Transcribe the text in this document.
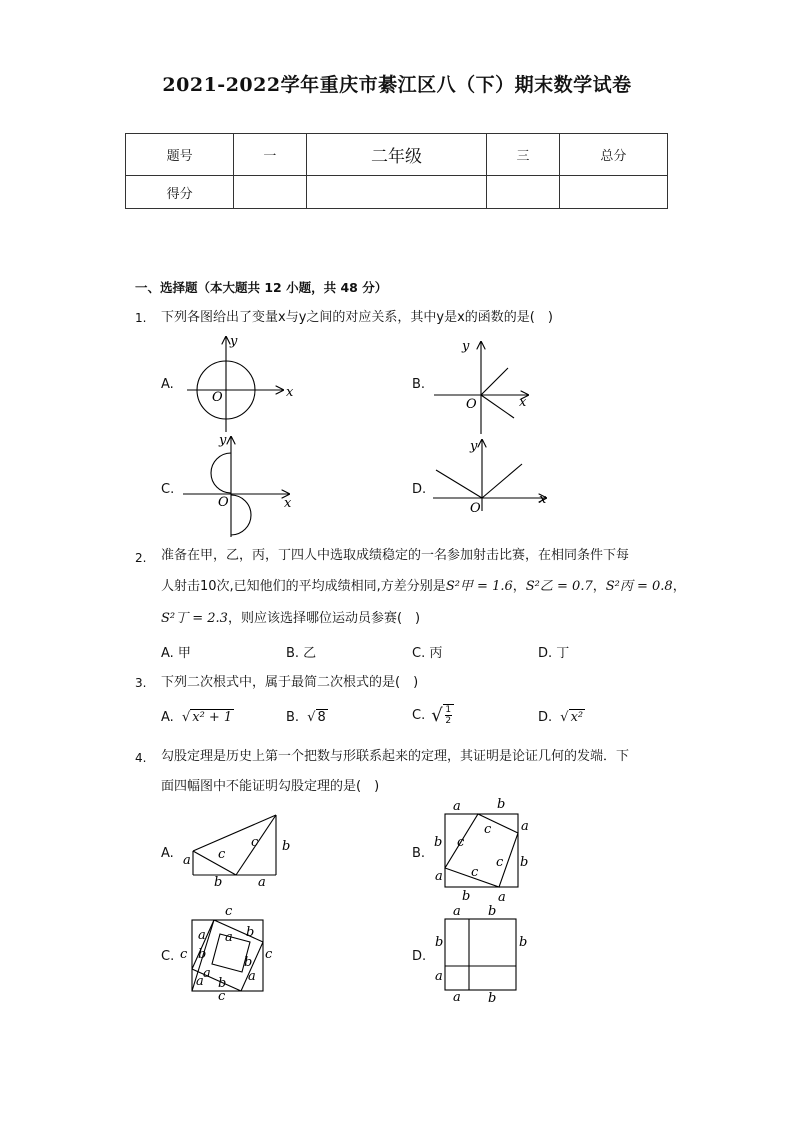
2021-2022学年重庆市綦江区八（下）期末数学试卷
题号	一	二年级	三	总分
得分				
一、选择题（本大题共 12 小题，共 48 分）
1. 下列各图给出了变量x与y之间的对应关系，其中y是x的函数的是(　)
A.	B.
C.	D.
y
x
O
y
x
O
y
x
O
y
x
O
a
b	a
b
c
c
a	b
a
b
a
b
a
b
c
c
c
c
c
c	c
c
a a b
b
b
a	a
b
a
a b
b	b
a
a b
2. 准备在甲，乙，丙，丁四人中选取成绩稳定的一名参加射击比赛，在相同条件下每
人射击10次,已知他们的平均成绩相同,方差分别是S²甲 = 1.6，S²乙 = 0.7，S²丙 = 0.8，
S²丁 = 2.3，则应该选择哪位运动员参赛(　)
A. 甲	B. 乙	C. 丙	D. 丁
3. 下列二次根式中，属于最简二次根式的是(　)
A. √ x² + 1	B. √ 8	C. √ $\frac{1}{2}$	D. √ x²
4. 勾股定理是历史上第一个把数与形联系起来的定理，其证明是论证几何的发端．下
面四幅图中不能证明勾股定理的是(　)
A.	B.
C.	D.
